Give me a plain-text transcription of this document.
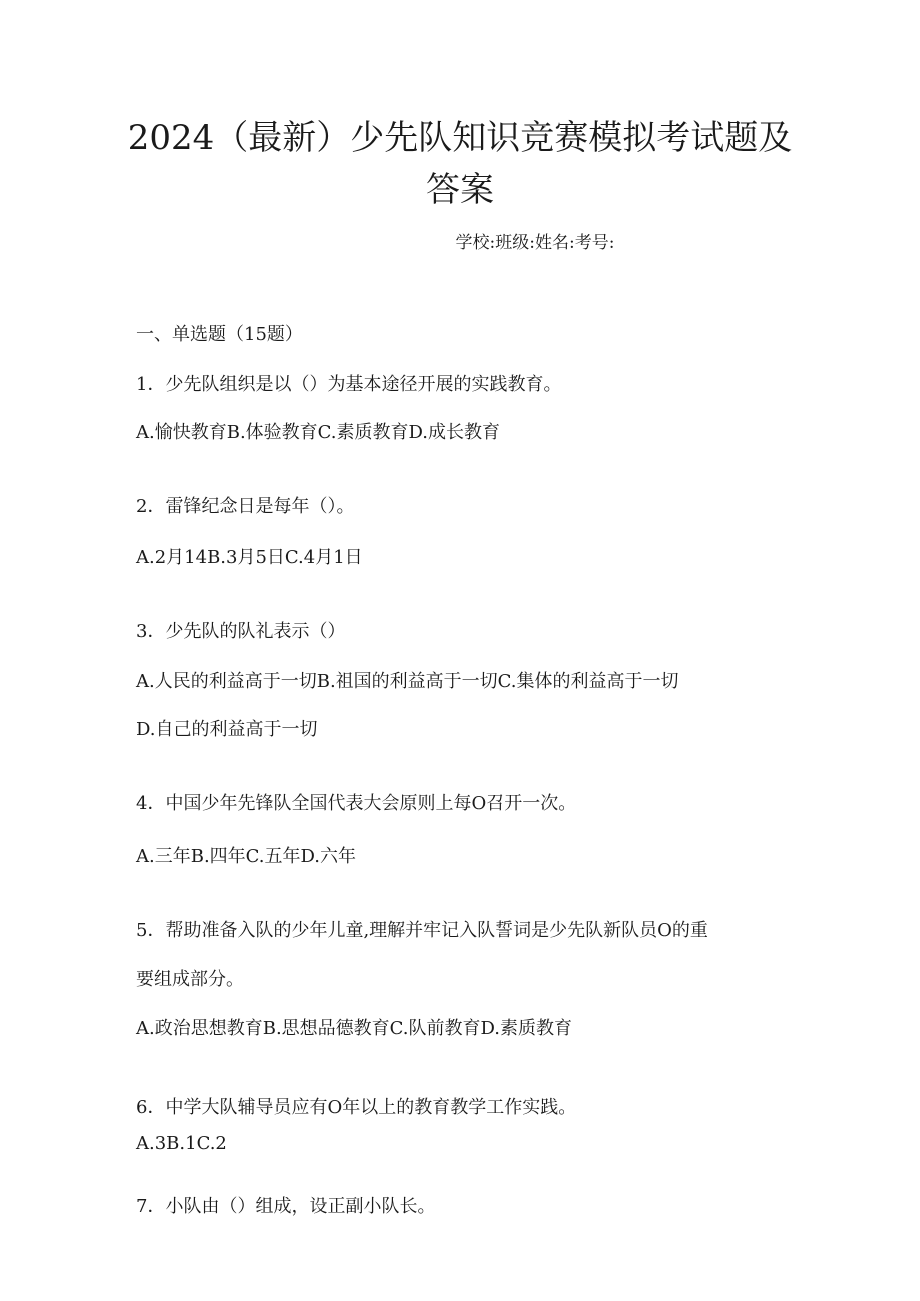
2024（最新）少先队知识竞赛模拟考试题及
答案
学校:班级:姓名:考号:
一、单选题（15题）
1．少先队组织是以（）为基本途径开展的实践教育。
A.愉快教育B.体验教育C.素质教育D.成长教育
2．雷锋纪念日是每年（）。
A.2月14B.3月5日C.4月1日
3．少先队的队礼表示（）
A.人民的利益高于一切B.祖国的利益高于一切C.集体的利益高于一切
D.自己的利益高于一切
4．中国少年先锋队全国代表大会原则上每O召开一次。
A.三年B.四年C.五年D.六年
5．帮助准备入队的少年儿童,理解并牢记入队誓词是少先队新队员O的重
要组成部分。
A.政治思想教育B.思想品德教育C.队前教育D.素质教育
6．中学大队辅导员应有O年以上的教育教学工作实践。
A.3B.1C.2
7．小队由（）组成，设正副小队长。
